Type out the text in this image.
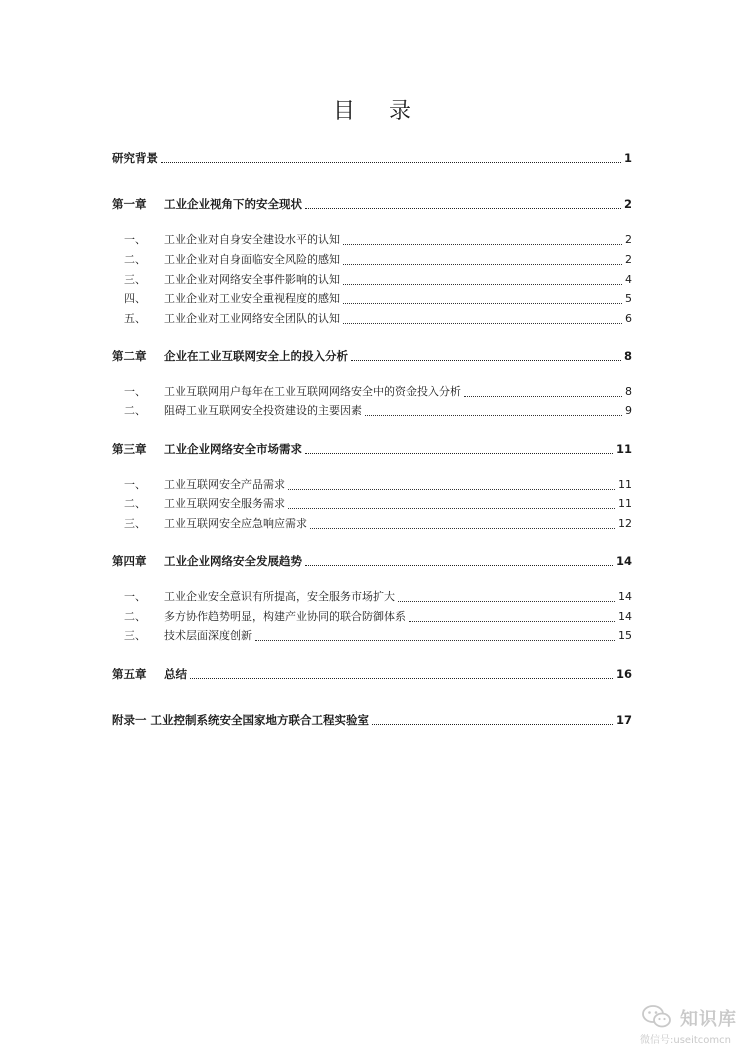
目 录
研究背景	1
第一章	工业企业视角下的安全现状	2
一、	工业企业对自身安全建设水平的认知	2
二、	工业企业对自身面临安全风险的感知	2
三、	工业企业对网络安全事件影响的认知	4
四、	工业企业对工业安全重视程度的感知	5
五、	工业企业对工业网络安全团队的认知	6
第二章	企业在工业互联网安全上的投入分析	8
一、	工业互联网用户每年在工业互联网网络安全中的资金投入分析	8
二、	阻碍工业互联网安全投资建设的主要因素	9
第三章	工业企业网络安全市场需求	11
一、	工业互联网安全产品需求	11
二、	工业互联网安全服务需求	11
三、	工业互联网安全应急响应需求	12
第四章	工业企业网络安全发展趋势	14
一、	工业企业安全意识有所提高，安全服务市场扩大	14
二、	多方协作趋势明显，构建产业协同的联合防御体系	14
三、	技术层面深度创新	15
第五章	总结	16
附录一 工业控制系统安全国家地方联合工程实验室	17
知识库
微信号:useitcomcn
